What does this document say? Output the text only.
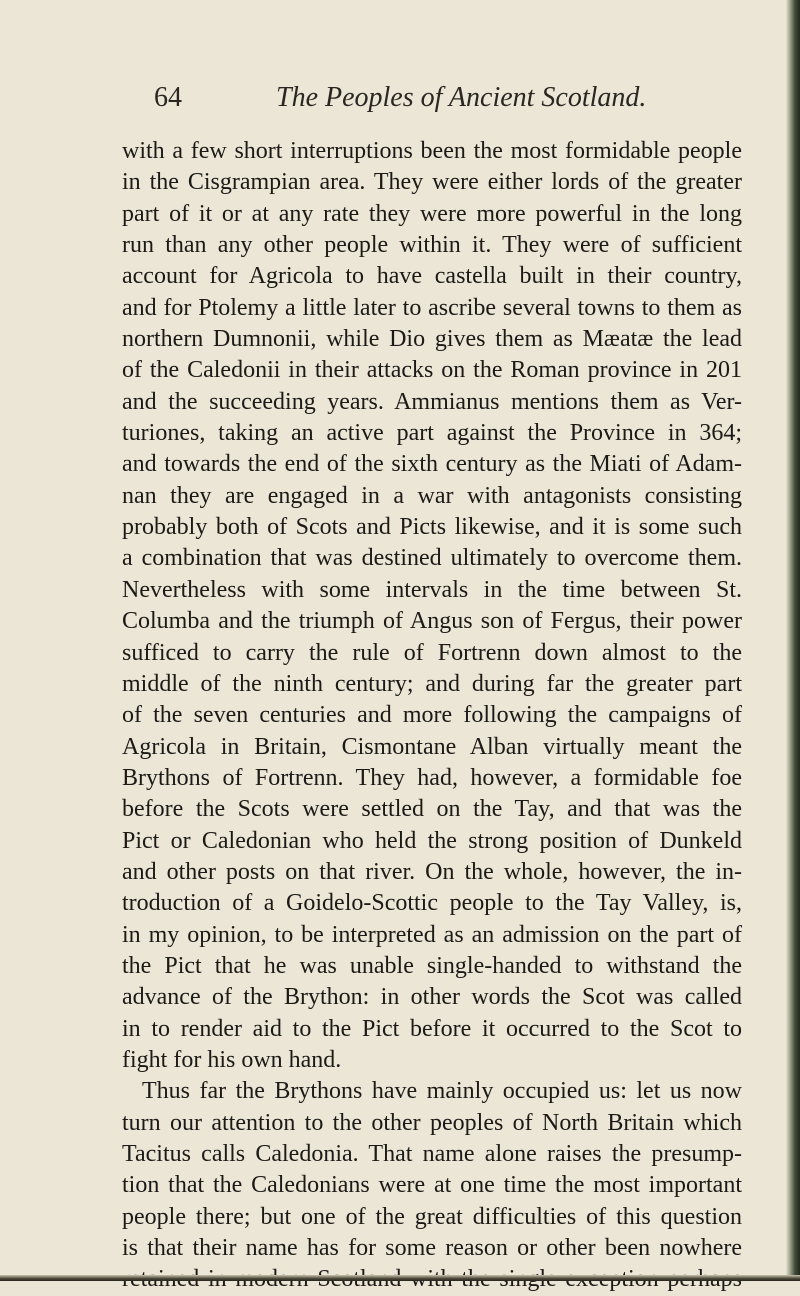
64	The Peoples of Ancient Scotland.
with a few short interruptions been the most formidable people
in the Cisgrampian area. They were either lords of the greater
part of it or at any rate they were more powerful in the long
run than any other people within it. They were of sufficient
account for Agricola to have castella built in their country,
and for Ptolemy a little later to ascribe several towns to them as
northern Dumnonii, while Dio gives them as Mæatæ the lead
of the Caledonii in their attacks on the Roman province in 201
and the succeeding years. Ammianus mentions them as Ver-
turiones, taking an active part against the Province in 364;
and towards the end of the sixth century as the Miati of Adam-
nan they are engaged in a war with antagonists consisting
probably both of Scots and Picts likewise, and it is some such
a combination that was destined ultimately to overcome them.
Nevertheless with some intervals in the time between St.
Columba and the triumph of Angus son of Fergus, their power
sufficed to carry the rule of Fortrenn down almost to the
middle of the ninth century; and during far the greater part
of the seven centuries and more following the campaigns of
Agricola in Britain, Cismontane Alban virtually meant the
Brythons of Fortrenn. They had, however, a formidable foe
before the Scots were settled on the Tay, and that was the
Pict or Caledonian who held the strong position of Dunkeld
and other posts on that river. On the whole, however, the in-
troduction of a Goidelo-Scottic people to the Tay Valley, is,
in my opinion, to be interpreted as an admission on the part of
the Pict that he was unable single-handed to withstand the
advance of the Brython: in other words the Scot was called
in to render aid to the Pict before it occurred to the Scot to
fight for his own hand.
Thus far the Brythons have mainly occupied us: let us now
turn our attention to the other peoples of North Britain which
Tacitus calls Caledonia. That name alone raises the presump-
tion that the Caledonians were at one time the most important
people there; but one of the great difficulties of this question
is that their name has for some reason or other been nowhere
